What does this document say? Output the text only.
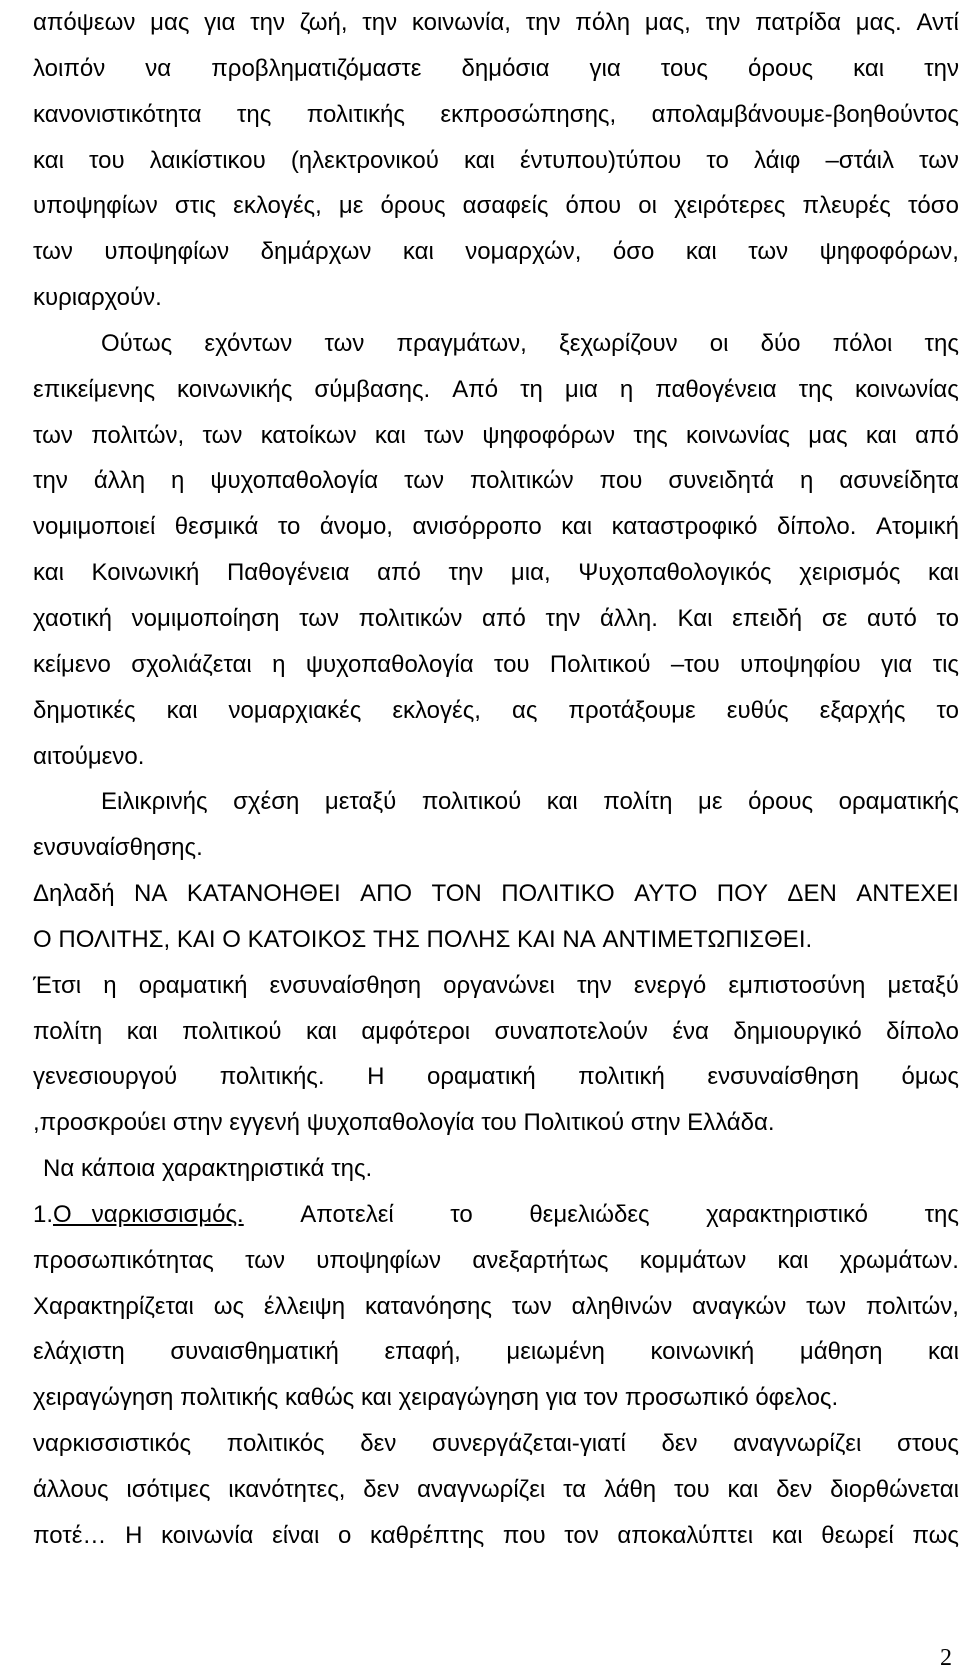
απόψεων μας για την ζωή, την κοινωνία, την πόλη μας, την πατρίδα μας. Αντί
λοιπόν να προβληματιζόμαστε δημόσια για τους όρους και την
κανονιστικότητα της πολιτικής εκπροσώπησης, απολαμβάνουμε-βοηθούντος
και του λαικίστικου (ηλεκτρονικού και έντυπου)τύπου το λάιφ –στάιλ των
υποψηφίων στις εκλογές, με όρους ασαφείς όπου οι χειρότερες πλευρές τόσο
των υποψηφίων δημάρχων και νομαρχών, όσο και των ψηφοφόρων,
κυριαρχούν.
Ούτως εχόντων των πραγμάτων, ξεχωρίζουν οι δύο πόλοι της
επικείμενης κοινωνικής σύμβασης. Από τη μια η παθογένεια της κοινωνίας
των πολιτών, των κατοίκων και των ψηφοφόρων της κοινωνίας μας και από
την άλλη η ψυχοπαθολογία των πολιτικών που συνειδητά η ασυνείδητα
νομιμοποιεί θεσμικά το άνομο, ανισόρροπο και καταστροφικό δίπολο. Ατομική
και Κοινωνική Παθογένεια από την μια, Ψυχοπαθολογικός χειρισμός και
χαοτική νομιμοποίηση των πολιτικών από την άλλη. Και επειδή σε αυτό το
κείμενο σχολιάζεται η ψυχοπαθολογία του Πολιτικού –του υποψηφίου για τις
δημοτικές και νομαρχιακές εκλογές, ας προτάξουμε ευθύς εξαρχής το
αιτούμενο.
Ειλικρινής σχέση μεταξύ πολιτικού και πολίτη με όρους οραματικής
ενσυναίσθησης.
Δηλαδή ΝΑ ΚΑΤΑΝΟΗΘΕΙ ΑΠΟ ΤΟΝ ΠΟΛΙΤΙΚΟ ΑΥΤΟ ΠΟΥ ΔΕΝ ΑΝΤΕΧΕΙ
Ο ΠΟΛΙΤΗΣ, ΚΑΙ Ο ΚΑΤΟΙΚΟΣ ΤΗΣ ΠΟΛΗΣ ΚΑΙ ΝΑ ΑΝΤΙΜΕΤΩΠΙΣΘΕΙ.
Έτσι η οραματική ενσυναίσθηση οργανώνει την ενεργό εμπιστοσύνη μεταξύ
πολίτη και πολιτικού και αμφότεροι συναποτελούν ένα δημιουργικό δίπολο
γενεσιουργού πολιτικής. Η οραματική πολιτική ενσυναίσθηση όμως
,προσκρούει στην εγγενή ψυχοπαθολογία του Πολιτικού στην Ελλάδα.
Να κάποια χαρακτηριστικά της.
1.Ο   ναρκισσισμός. Αποτελεί το θεμελιώδες χαρακτηριστικό της
προσωπικότητας των υποψηφίων ανεξαρτήτως κομμάτων και χρωμάτων.
Χαρακτηρίζεται ως έλλειψη κατανόησης των αληθινών αναγκών των πολιτών,
ελάχιστη συναισθηματική επαφή, μειωμένη κοινωνική μάθηση και
χειραγώγηση πολιτικής καθώς και χειραγώγηση για τον προσωπικό όφελος.
ναρκισσιστικός πολιτικός δεν συνεργάζεται-γιατί δεν αναγνωρίζει στους
άλλους ισότιμες ικανότητες, δεν αναγνωρίζει τα λάθη του και δεν διορθώνεται
ποτέ… Η κοινωνία είναι ο καθρέπτης που τον αποκαλύπτει και θεωρεί πως
2
